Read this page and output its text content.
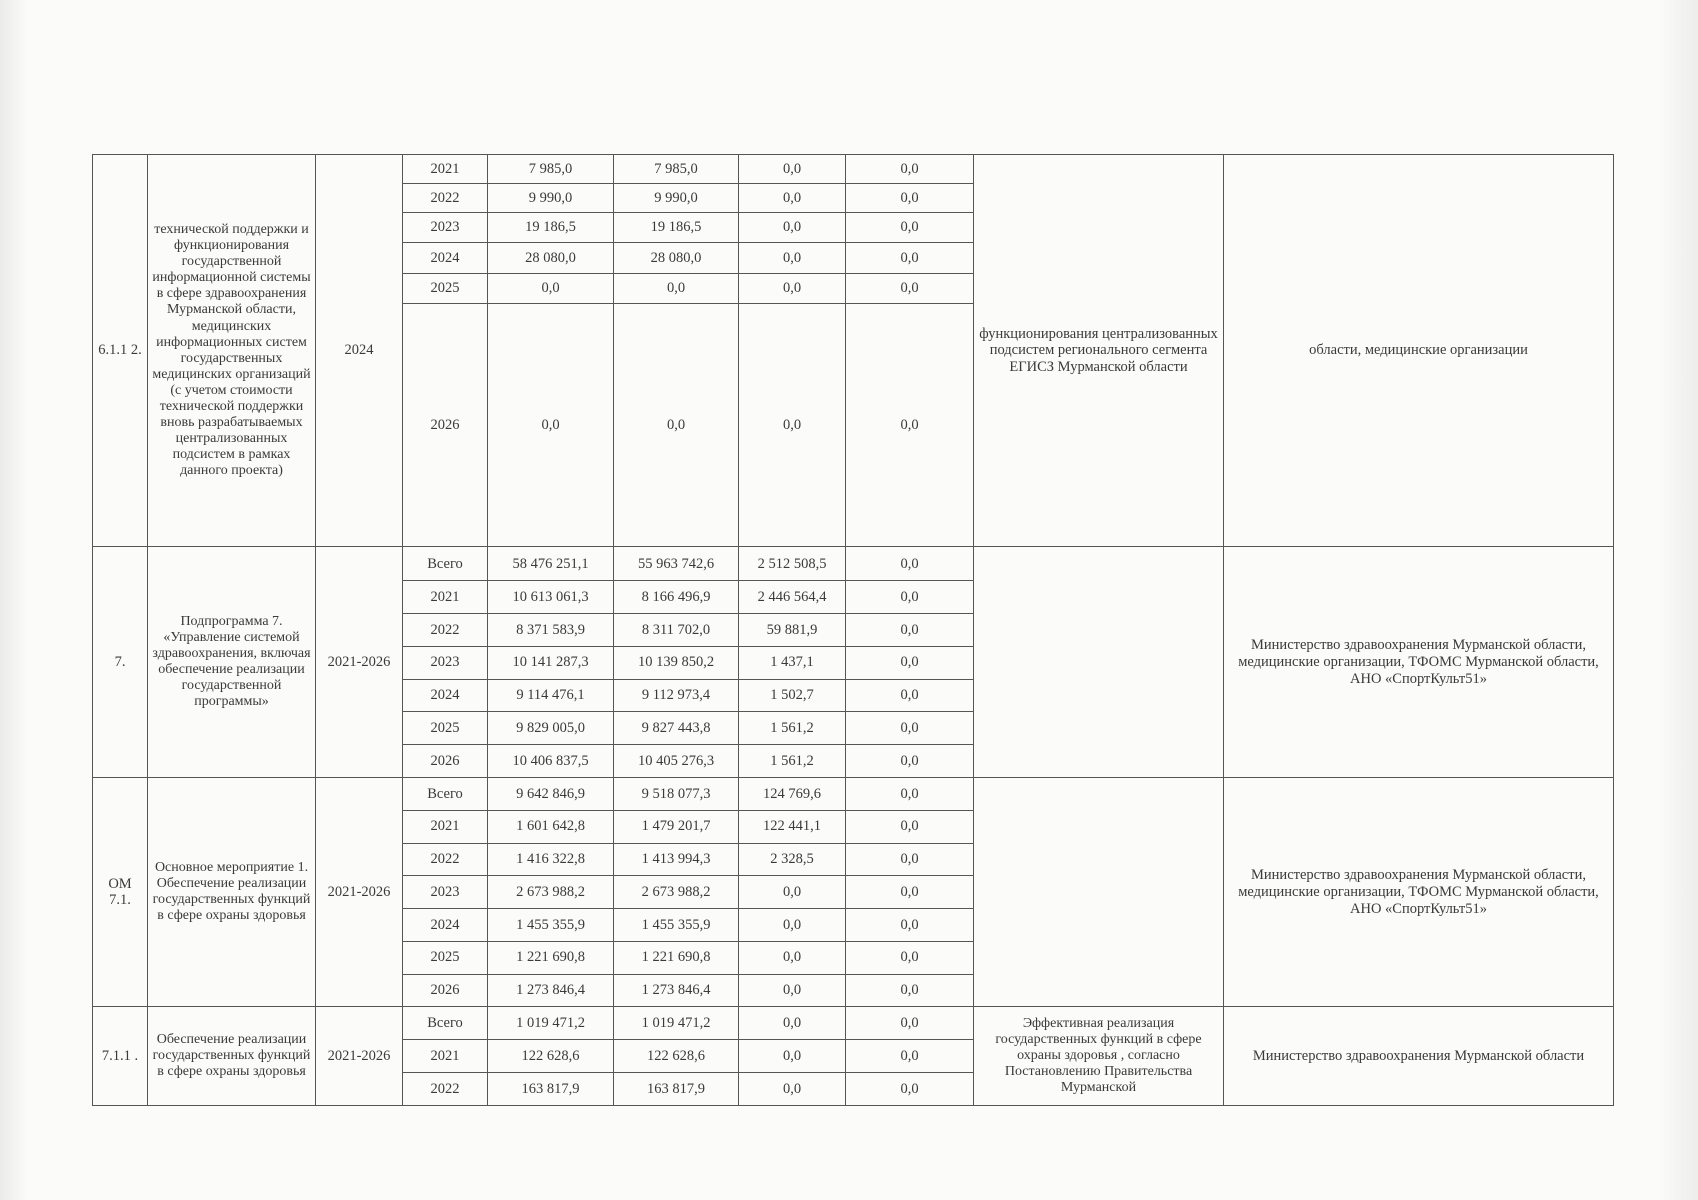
6.1.1 2.	технической поддержки и функционирования государственной информационной системы в сфере здравоохранения Мурманской области, медицинских информационных систем государственных медицинских организаций (с учетом стоимости технической поддержки вновь разрабатываемых централизованных подсистем в рамках данного проекта)	2024	2021	7 985,0	7 985,0	0,0	0,0	функционирования централизованных подсистем регионального сегмента ЕГИСЗ Мурманской области	области, медицинские организации
			2022	9 990,0	9 990,0	0,0	0,0		
			2023	19 186,5	19 186,5	0,0	0,0		
			2024	28 080,0	28 080,0	0,0	0,0		
			2025	0,0	0,0	0,0	0,0		
			2026	0,0	0,0	0,0	0,0		
7.	Подпрограмма 7. «Управление системой здравоохранения, включая обеспечение реализации государственной программы»	2021-2026	Всего	58 476 251,1	55 963 742,6	2 512 508,5	0,0		Министерство здравоохранения Мурманской области, медицинские организации, ТФОМС Мурманской области, АНО «СпортКульт51»
			2021	10 613 061,3	8 166 496,9	2 446 564,4	0,0		
			2022	8 371 583,9	8 311 702,0	59 881,9	0,0		
			2023	10 141 287,3	10 139 850,2	1 437,1	0,0		
			2024	9 114 476,1	9 112 973,4	1 502,7	0,0		
			2025	9 829 005,0	9 827 443,8	1 561,2	0,0		
			2026	10 406 837,5	10 405 276,3	1 561,2	0,0		
ОМ 7.1.	Основное мероприятие 1. Обеспечение реализации государственных функций в сфере охраны здоровья	2021-2026	Всего	9 642 846,9	9 518 077,3	124 769,6	0,0		Министерство здравоохранения Мурманской области, медицинские организации, ТФОМС Мурманской области, АНО «СпортКульт51»
			2021	1 601 642,8	1 479 201,7	122 441,1	0,0		
			2022	1 416 322,8	1 413 994,3	2 328,5	0,0		
			2023	2 673 988,2	2 673 988,2	0,0	0,0		
			2024	1 455 355,9	1 455 355,9	0,0	0,0		
			2025	1 221 690,8	1 221 690,8	0,0	0,0		
			2026	1 273 846,4	1 273 846,4	0,0	0,0		
7.1.1 .	Обеспечение реализации государственных функций в сфере охраны здоровья	2021-2026	Всего	1 019 471,2	1 019 471,2	0,0	0,0	Эффективная реализация государственных функций в сфере охраны здоровья , согласно Постановлению Правительства Мурманской	Министерство здравоохранения Мурманской области
			2021	122 628,6	122 628,6	0,0	0,0		
			2022	163 817,9	163 817,9	0,0	0,0		
